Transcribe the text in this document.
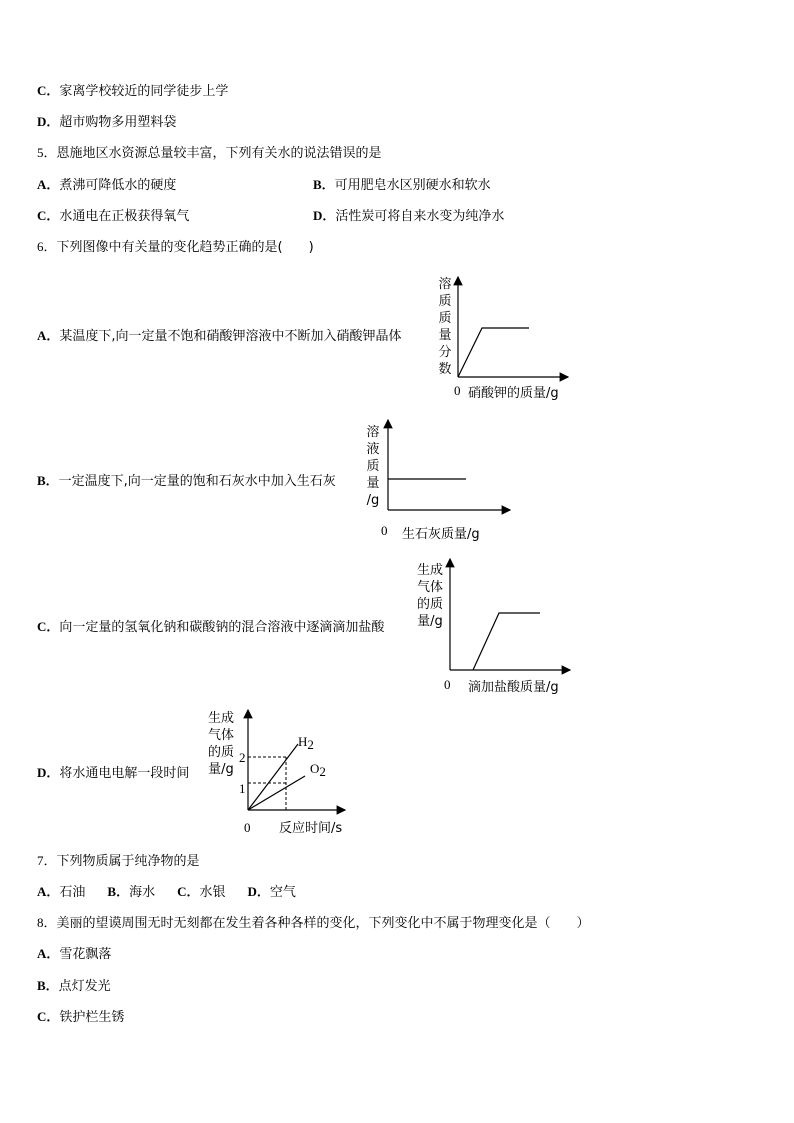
C．家离学校较近的同学徒步上学
D．超市购物多用塑料袋
5．恩施地区水资源总量较丰富，下列有关水的说法错误的是
A．煮沸可降低水的硬度	B．可用肥皂水区别硬水和软水
C．水通电在正极获得氧气	D．活性炭可将自来水变为纯净水
6．下列图像中有关量的变化趋势正确的是(　　)
A．某温度下,向一定量不饱和硝酸钾溶液中不断加入硝酸钾晶体
溶
质
质
量
分
数
0 硝酸钾的质量/g
B．一定温度下,向一定量的饱和石灰水中加入生石灰
溶
液
质
量
/g
0 生石灰质量/g
C．向一定量的氢氧化钠和碳酸钠的混合溶液中逐滴滴加盐酸
生成
气体
的质
量/g
0 滴加盐酸质量/g
D．将水通电电解一段时间
生成
气体
的质
量/g
2
1
H2
O2
0 反应时间/s
7．下列物质属于纯净物的是
A．石油 B．海水 C．水银 D．空气
8．美丽的望谟周围无时无刻都在发生着各种各样的变化，下列变化中不属于物理变化是（　　）
A．雪花飘落
B．点灯发光
C．铁护栏生锈
